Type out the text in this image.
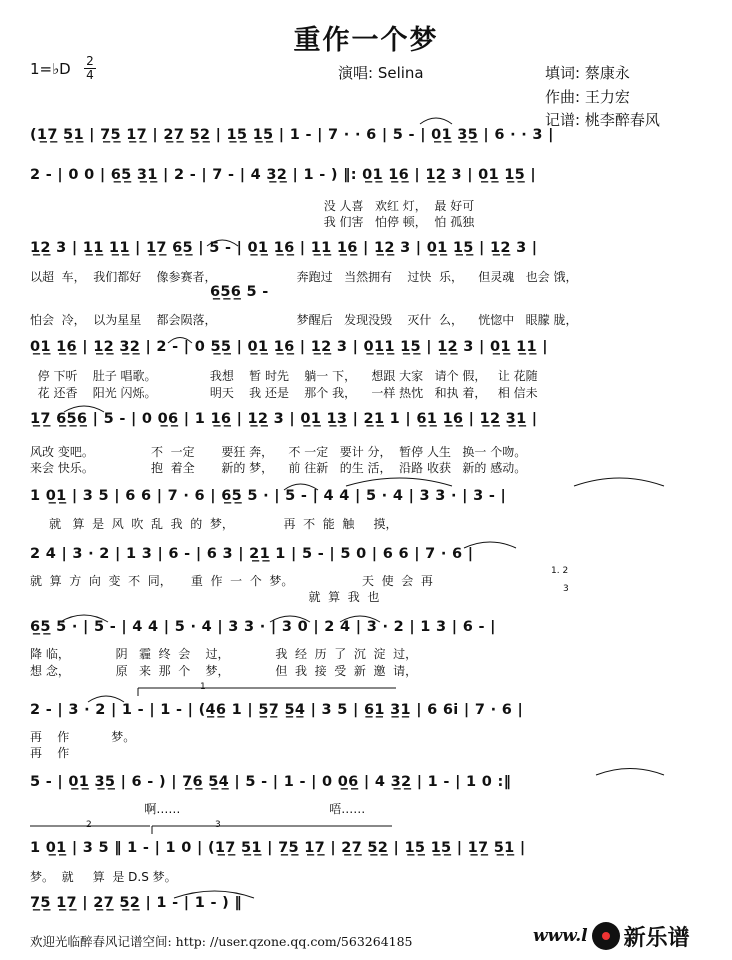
重作一个梦
1=♭D 2
4	演唱: Selina	填词: 蔡康永
作曲: 王力宏
记谱: 桃李醉春风
(1̲7̲ 5̲1̲ | 7̲5̲ 1̲7̲ | 2̲7̲ 5̲2̲ | 1̲5̲ 1̲5̲ | 1 - | 7 · · 6 | 5 - | 0̲1̲ 3̲5̲ | 6 · · 3 |
2 - | 0 0 | 6̲5̲ 3̲1̲ | 2 - | 7 - | 4 3̲2̲ | 1 - ) ‖: 0̲1̲ 1̲6̲ | 1̲2̲ 3 | 0̲1̲ 1̲5̲ |
1̲2̲ 3 | 1̲1̲ 1̲1̲ | 1̲7̲ 6̲5̲ | 5 - | 0̲1̲ 1̲6̲ | 1̲1̲ 1̲6̲ | 1̲2̲ 3 | 0̲1̲ 1̲5̲ | 1̲2̲ 3 |
0̲1̲ 1̲6̲ | 1̲2̲ 3̲2̲ | 2 - | 0 5̲5̲ | 0̲1̲ 1̲6̲ | 1̲2̲ 3 | 0̲1̲1̲ 1̲5̲ | 1̲2̲ 3 | 0̲1̲ 1̲1̲ |
1̲7̲ 6̲5̲6̲ | 5 - | 0 0̲6̲ | 1 1̲6̲ | 1̲2̲ 3 | 0̲1̲ 1̲3̲ | 2̲1̲ 1 | 6̲1̲ 1̲6̲ | 1̲2̲ 3̲1̲ |
1 0̲1̲ | 3 5 | 6 6 | 7 · 6 | 6̲5̲ 5 · | 5 - | 4 4 | 5 · 4 | 3 3 · | 3 - |
2 4 | 3 · 2 | 1 3 | 6 - | 6 3 | 2̲1̲ 1 | 5 - | 5 0 | 6 6 | 7 · 6 |
6̲5̲ 5 · | 5 - | 4 4 | 5 · 4 | 3 3 · | 3 0 | 2 4 | 3 · 2 | 1 3 | 6 - |
2 - | 3 · 2 | 1 - | 1 - | (4̲6̲ 1 | 5̲7̲ 5̲4̲ | 3 5 | 6̲1̲ 3̲1̲ | 6 6i | 7 · 6 |
5 - | 0̲1̲ 3̲5̲ | 6 - ) | 7̲6̲ 5̲4̲ | 5 - | 1 - | 0 0̲6̲ | 4 3̲2̲ | 1 - | 1 0 :‖
1 0̲1̲ | 3 5 ‖ 1 - | 1 0 | (1̲7̲ 5̲1̲ | 7̲5̲ 1̲7̲ | 2̲7̲ 5̲2̲ | 1̲5̲ 1̲5̲ | 1̲7̲ 5̲1̲ |
7̲5̲ 1̲7̲ | 2̲7̲ 5̲2̲ | 1 - | 1 - ) ‖
没 人喜   欢红 灯，  最 好可
我 们害   怕停 顿，  怕 孤独
以超  车，  我们都好    像参赛者，                     奔跑过   当然拥有    过快  乐，    但灵魂   也会 饿，
6̲5̲6̲ 5 -
怕会  冷，  以为星星    都会陨落，                     梦醒后   发现没毁    灭什  么，    恍惚中   眼朦 胧，
停 下听    肚子 唱歌。              我想    暂 时先    躺一 下，    想跟 大家   请个 假，   让 花随
花 还香    阳光 闪烁。              明天    我 还是    那个 我，    一样 热忱   和执 着，   相 信未
风改 变吧。               不  一定       要狂 奔，    不 一定   要计 分，  暂停 人生   换一 个吻。
来会 快乐。               抱  着全       新的 梦，    前 往新   的生 活，  沿路 收获   新的 感动。
就   算  是  风  吹  乱  我  的  梦，             再  不  能  触     摸，
就  算  方  向  变  不  同，     重  作  一  个  梦。                  天  使  会  再
就  算  我  也
降 临，            阴   霾  终  会    过，            我  经  历  了  沉  淀  过，
想 念，            原   来  那  个    梦，            但  我  接  受  新  邀  请，
再    作           梦。
再    作
啊……                                       唔……
梦。  就     算  是 D.S 梦。
1. 2
3
1
2	3
欢迎光临醉春风记谱空间: http: //user.qzone.qq.com/563264185	www.l 新乐谱
